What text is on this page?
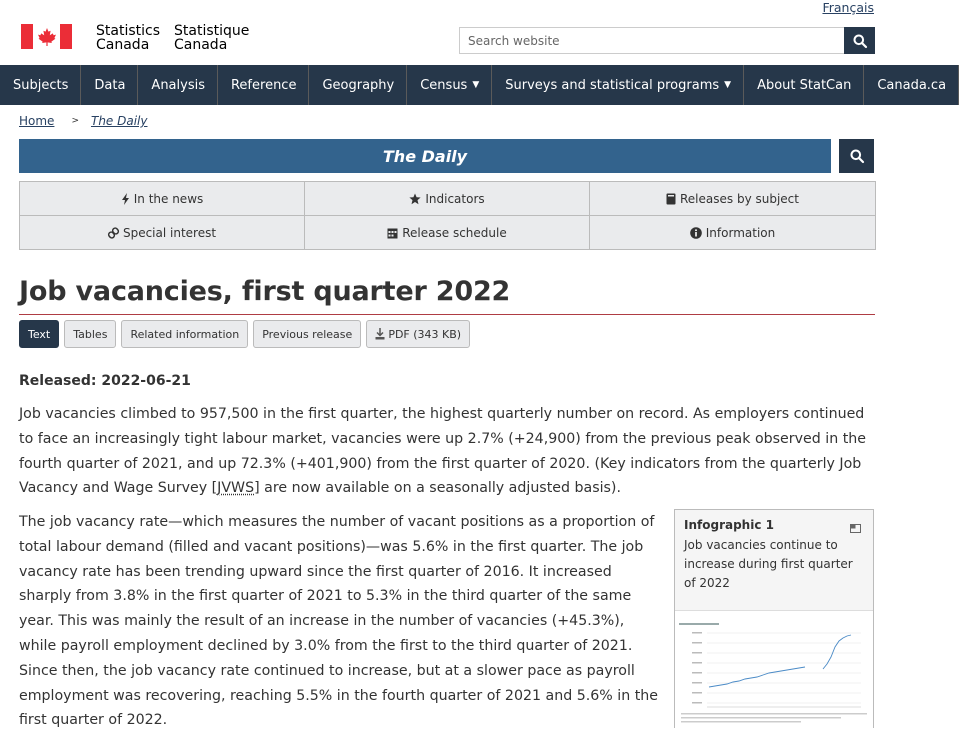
Français
Statistics
Canada
Statistique
Canada
Search website
Subjects Data Analysis Reference Geography Census ▼ Surveys and statistical programs ▼ About StatCan Canada.ca
Home > The Daily
The Daily
In the news	Indicators	Releases by subject
Special interest	Release schedule	Information
Job vacancies, first quarter 2022
Text Tables Related information Previous release	PDF (343 KB)
Released: 2022-06-21

Job vacancies climbed to 957,500 in the first quarter, the highest quarterly number on record. As employers continued to face an increasingly tight labour market, vacancies were up 2.7% (+24,900) from the previous peak observed in the fourth quarter of 2021, and up 72.3% (+401,900) from the first quarter of 2020. (Key indicators from the quarterly Job Vacancy and Wage Survey [JVWS] are now available on a seasonally adjusted basis).

The job vacancy rate—which measures the number of vacant positions as a proportion of total labour demand (filled and vacant positions)—was 5.6% in the first quarter. The job vacancy rate has been trending upward since the first quarter of 2016. It increased sharply from 3.8% in the first quarter of 2021 to 5.3% in the third quarter of the same year. This was mainly the result of an increase in the number of vacancies (+45.3%), while payroll employment declined by 3.0% from the first to the third quarter of 2021. Since then, the job vacancy rate continued to increase, but at a slower pace as payroll employment was recovering, reaching 5.5% in the fourth quarter of 2021 and 5.6% in the first quarter of 2022.

Infographic 1
Job vacancies continue to increase during first quarter of 2022
